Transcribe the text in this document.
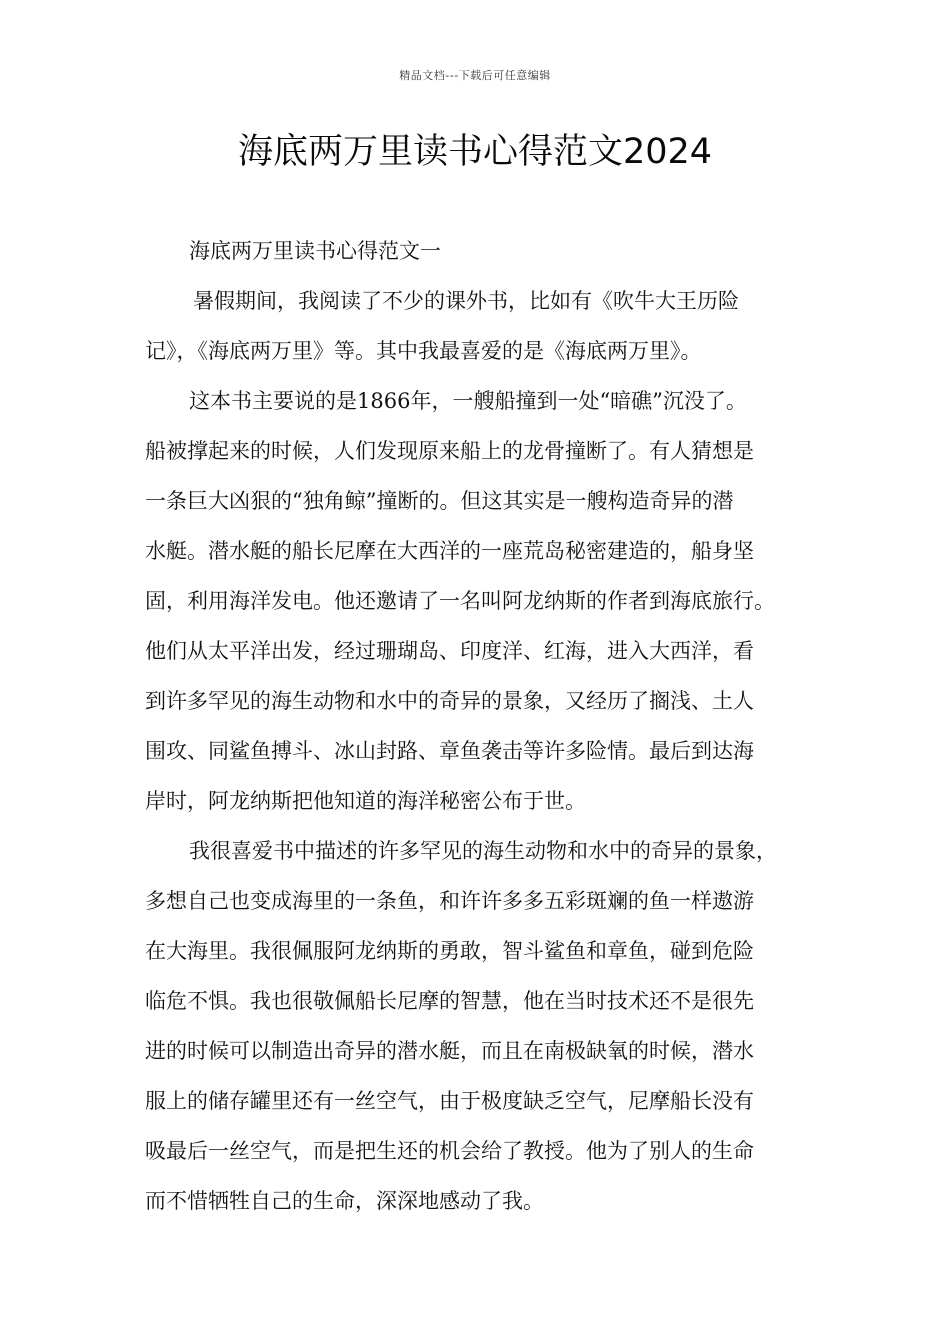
精品文档---下载后可任意编辑
海底两万里读书心得范文2024

海底两万里读书心得范文一

暑假期间，我阅读了不少的课外书，比如有《吹牛大王历险
记》，《海底两万里》等。其中我最喜爱的是《海底两万里》。

这本书主要说的是1866年，一艘船撞到一处“暗礁”沉没了。
船被撑起来的时候，人们发现原来船上的龙骨撞断了。有人猜想是
一条巨大凶狠的“独角鲸”撞断的。但这其实是一艘构造奇异的潜
水艇。潜水艇的船长尼摩在大西洋的一座荒岛秘密建造的，船身坚
固，利用海洋发电。他还邀请了一名叫阿龙纳斯的作者到海底旅行。
他们从太平洋出发，经过珊瑚岛、印度洋、红海，进入大西洋，看
到许多罕见的海生动物和水中的奇异的景象，又经历了搁浅、土人
围攻、同鲨鱼搏斗、冰山封路、章鱼袭击等许多险情。最后到达海
岸时，阿龙纳斯把他知道的海洋秘密公布于世。

我很喜爱书中描述的许多罕见的海生动物和水中的奇异的景象，
多想自己也变成海里的一条鱼，和许许多多五彩斑斓的鱼一样遨游
在大海里。我很佩服阿龙纳斯的勇敢，智斗鲨鱼和章鱼，碰到危险
临危不惧。我也很敬佩船长尼摩的智慧，他在当时技术还不是很先
进的时候可以制造出奇异的潜水艇，而且在南极缺氧的时候，潜水
服上的储存罐里还有一丝空气，由于极度缺乏空气，尼摩船长没有
吸最后一丝空气，而是把生还的机会给了教授。他为了别人的生命
而不惜牺牲自己的生命，深深地感动了我。
